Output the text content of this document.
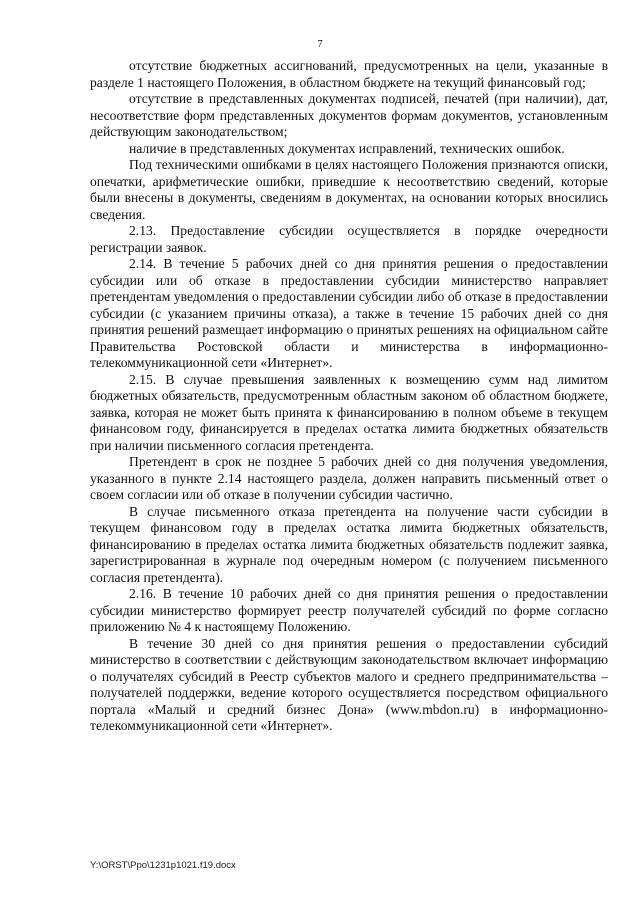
7

отсутствие бюджетных ассигнований, предусмотренных на цели, указанные в разделе 1 настоящего Положения, в областном бюджете на текущий финансовый год;

отсутствие в представленных документах подписей, печатей (при наличии), дат, несоответствие форм представленных документов формам документов, установленным действующим законодательством;

наличие в представленных документах исправлений, технических ошибок.

Под техническими ошибками в целях настоящего Положения признаются описки, опечатки, арифметические ошибки, приведшие к несоответствию сведений, которые были внесены в документы, сведениям в документах, на основании которых вносились сведения.

2.13. Предоставление субсидии осуществляется в порядке очередности регистрации заявок.

2.14. В течение 5 рабочих дней со дня принятия решения о предоставлении субсидии или об отказе в предоставлении субсидии министерство направляет претендентам уведомления о предоставлении субсидии либо об отказе в предоставлении субсидии (с указанием причины отказа), а также в течение 15 рабочих дней со дня принятия решений размещает информацию о принятых решениях на официальном сайте Правительства Ростовской области и министерства в информационно-телекоммуникационной сети «Интернет».

2.15. В случае превышения заявленных к возмещению сумм над лимитом бюджетных обязательств, предусмотренным областным законом об областном бюджете, заявка, которая не может быть принята к финансированию в полном объеме в текущем финансовом году, финансируется в пределах остатка лимита бюджетных обязательств при наличии письменного согласия претендента.

Претендент в срок не позднее 5 рабочих дней со дня получения уведомления, указанного в пункте 2.14 настоящего раздела, должен направить письменный ответ о своем согласии или об отказе в получении субсидии частично.

В случае письменного отказа претендента на получение части субсидии в текущем финансовом году в пределах остатка лимита бюджетных обязательств, финансированию в пределах остатка лимита бюджетных обязательств подлежит заявка, зарегистрированная в журнале под очередным номером (с получением письменного согласия претендента).

2.16. В течение 10 рабочих дней со дня принятия решения о предоставлении субсидии министерство формирует реестр получателей субсидий по форме согласно приложению № 4 к настоящему Положению.

В течение 30 дней со дня принятия решения о предоставлении субсидий министерство в соответствии с действующим законодательством включает информацию о получателях субсидий в Реестр субъектов малого и среднего предпринимательства – получателей поддержки, ведение которого осуществляется посредством официального портала «Малый и средний бизнес Дона» (www.mbdon.ru) в информационно-телекоммуникационной сети «Интернет».

Y:\ORST\Ppo\1231p1021.f19.docx
